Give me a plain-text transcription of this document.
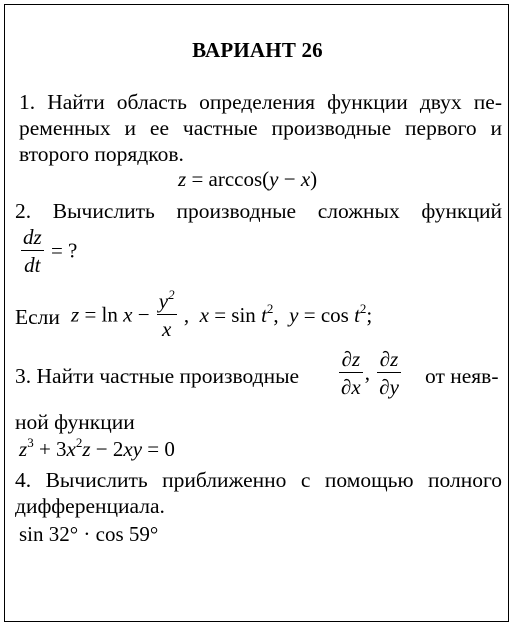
ВАРИАНТ 26
1. Найти область определения функции двух пе-
ременных и ее частные производные первого и
второго порядков.
z = arccos(y − x)
2. Вычислить производные сложных функций
$\frac{dz}{dt}$ = ?
Если $z = \ln x - \frac{y^2}{x}$ ,  $x = \sin t^2$,  $y = \cos t^2$;
3. Найти частные производные $\frac{\partial z}{\partial x}$ , $\frac{\partial z}{\partial y}$ от неяв-
ной функции
$z^3 + 3x^2z - 2xy = 0$
4. Вычислить приближенно с помощью полного
дифференциала.
sin 32° · cos 59°
